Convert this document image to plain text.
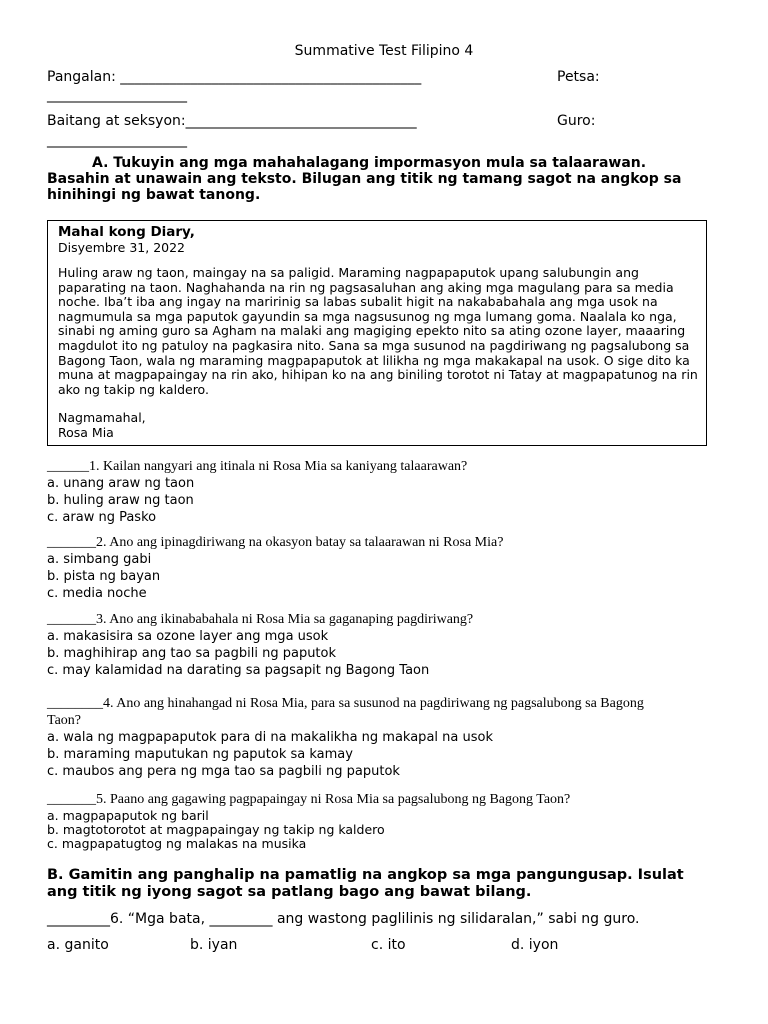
Summative Test Filipino 4
Pangalan: ___________________________________________	Petsa:
____________________
Baitang at seksyon:_________________________________	Guro:
____________________
A. Tukuyin ang mga mahahalagang impormasyon mula sa talaarawan. Basahin at unawain ang teksto. Bilugan ang titik ng tamang sagot na angkop sa hinihingi ng bawat tanong.
Mahal kong Diary,
Disyembre 31, 2022
Huling araw ng taon, maingay na sa paligid. Maraming nagpapaputok upang salubungin ang paparating na taon. Naghahanda na rin ng pagsasaluhan ang aking mga magulang para sa media noche. Iba’t iba ang ingay na maririnig sa labas subalit higit na nakababahala ang mga usok na nagmumula sa mga paputok gayundin sa mga nagsusunog ng mga lumang goma. Naalala ko nga, sinabi ng aming guro sa Agham na malaki ang magiging epekto nito sa ating ozone layer, maaaring magdulot ito ng patuloy na pagkasira nito. Sana sa mga susunod na pagdiriwang ng pagsalubong sa Bagong Taon, wala ng maraming magpapaputok at lilikha ng mga makakapal na usok. O sige dito ka muna at magpapaingay na rin ako, hihipan ko na ang biniling torotot ni Tatay at magpapatunog na rin ako ng takip ng kaldero.
Nagmamahal,
Rosa Mia
______1. Kailan nangyari ang itinala ni Rosa Mia sa kaniyang talaarawan?
a. unang araw ng taon
b. huling araw ng taon
c. araw ng Pasko
_______2. Ano ang ipinagdiriwang na okasyon batay sa talaarawan ni Rosa Mia?
a. simbang gabi
b. pista ng bayan
c. media noche
_______3. Ano ang ikinababahala ni Rosa Mia sa gaganaping pagdiriwang?
a. makasisira sa ozone layer ang mga usok
b. maghihirap ang tao sa pagbili ng paputok
c. may kalamidad na darating sa pagsapit ng Bagong Taon
________4. Ano ang hinahangad ni Rosa Mia, para sa susunod na pagdiriwang ng pagsalubong sa Bagong
Taon?
a. wala ng magpapaputok para di na makalikha ng makapal na usok
b. maraming maputukan ng paputok sa kamay
c. maubos ang pera ng mga tao sa pagbili ng paputok
_______5. Paano ang gagawing pagpapaingay ni Rosa Mia sa pagsalubong ng Bagong Taon?
a. magpapaputok ng baril
b. magtotorotot at magpapaingay ng takip ng kaldero
c. magpapatugtog ng malakas na musika
B. Gamitin ang panghalip na pamatlig na angkop sa mga pangungusap. Isulat ang titik ng iyong sagot sa patlang bago ang bawat bilang.
_________6. “Mga bata, _________ ang wastong paglilinis ng silidaralan,” sabi ng guro.
a. ganito	b. iyan	c. ito	d. iyon
